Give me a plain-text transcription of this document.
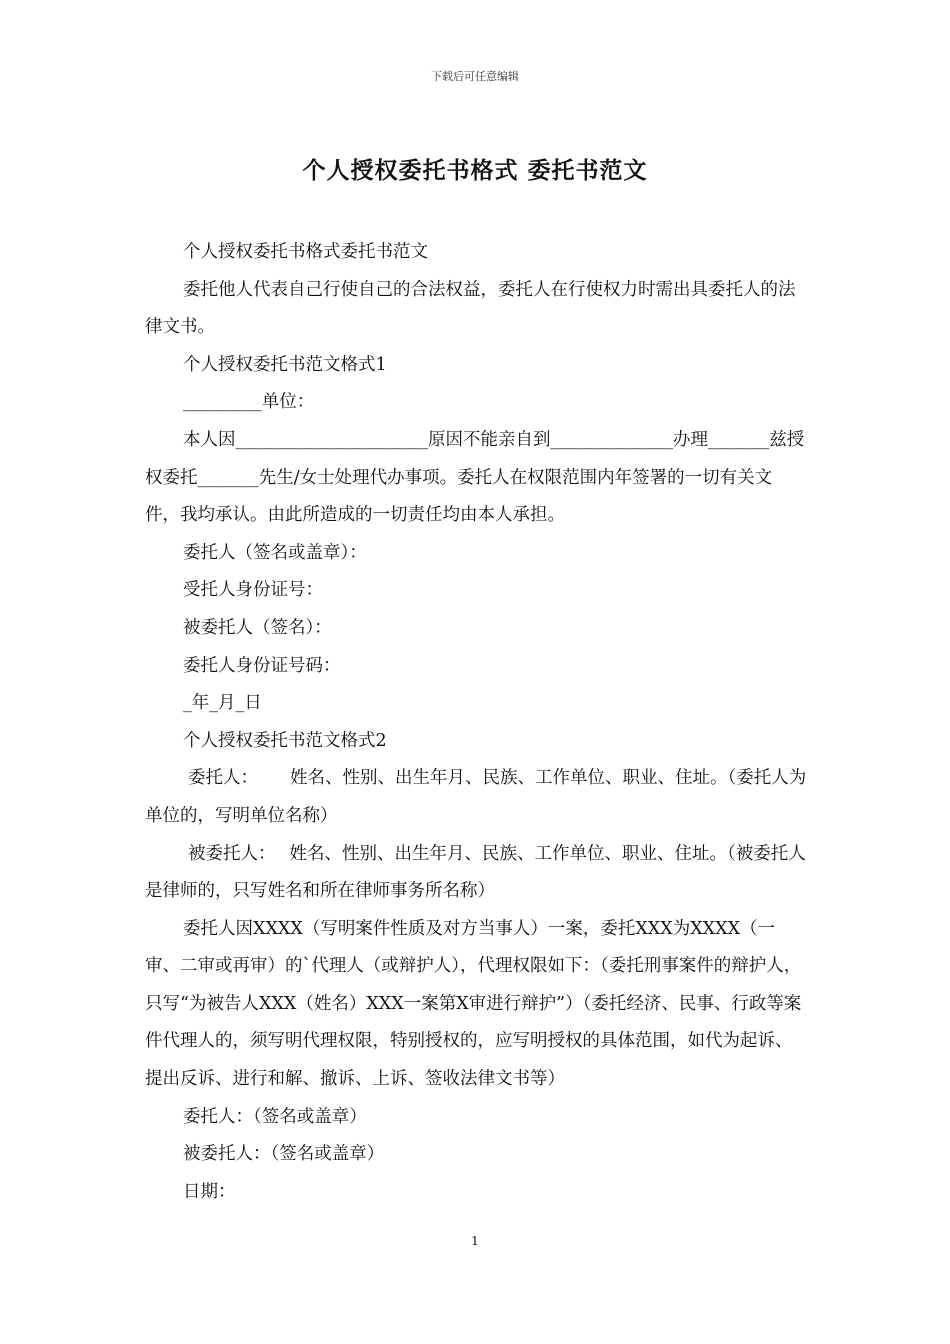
下载后可任意编辑
个人授权委托书格式 委托书范文

个人授权委托书格式委托书范文

委托他人代表自己行使自己的合法权益，委托人在行使权力时需出具委托人的法律文书。

个人授权委托书范文格式1

_________单位：

本人因______________________原因不能亲自到______________办理_______兹授权委托_______先生/女士处理代办事项。委托人在权限范围内年签署的一切有关文件，我均承认。由此所造成的一切责任均由本人承担。

委托人（签名或盖章）：

受托人身份证号：

被委托人（签名）：

委托人身份证号码：

_年_月_日

个人授权委托书范文格式2

委托人： 姓名、性别、出生年月、民族、工作单位、职业、住址。（委托人为单位的，写明单位名称）

被委托人： 姓名、性别、出生年月、民族、工作单位、职业、住址。（被委托人是律师的，只写姓名和所在律师事务所名称）

委托人因XXXX（写明案件性质及对方当事人）一案，委托XXX为XXXX（一审、二审或再审）的`代理人（或辩护人），代理权限如下：（委托刑事案件的辩护人，只写“为被告人XXX（姓名）XXX一案第X审进行辩护”）（委托经济、民事、行政等案件代理人的，须写明代理权限，特别授权的，应写明授权的具体范围，如代为起诉、提出反诉、进行和解、撤诉、上诉、签收法律文书等）

委托人：（签名或盖章）

被委托人：（签名或盖章）

日期：

1
